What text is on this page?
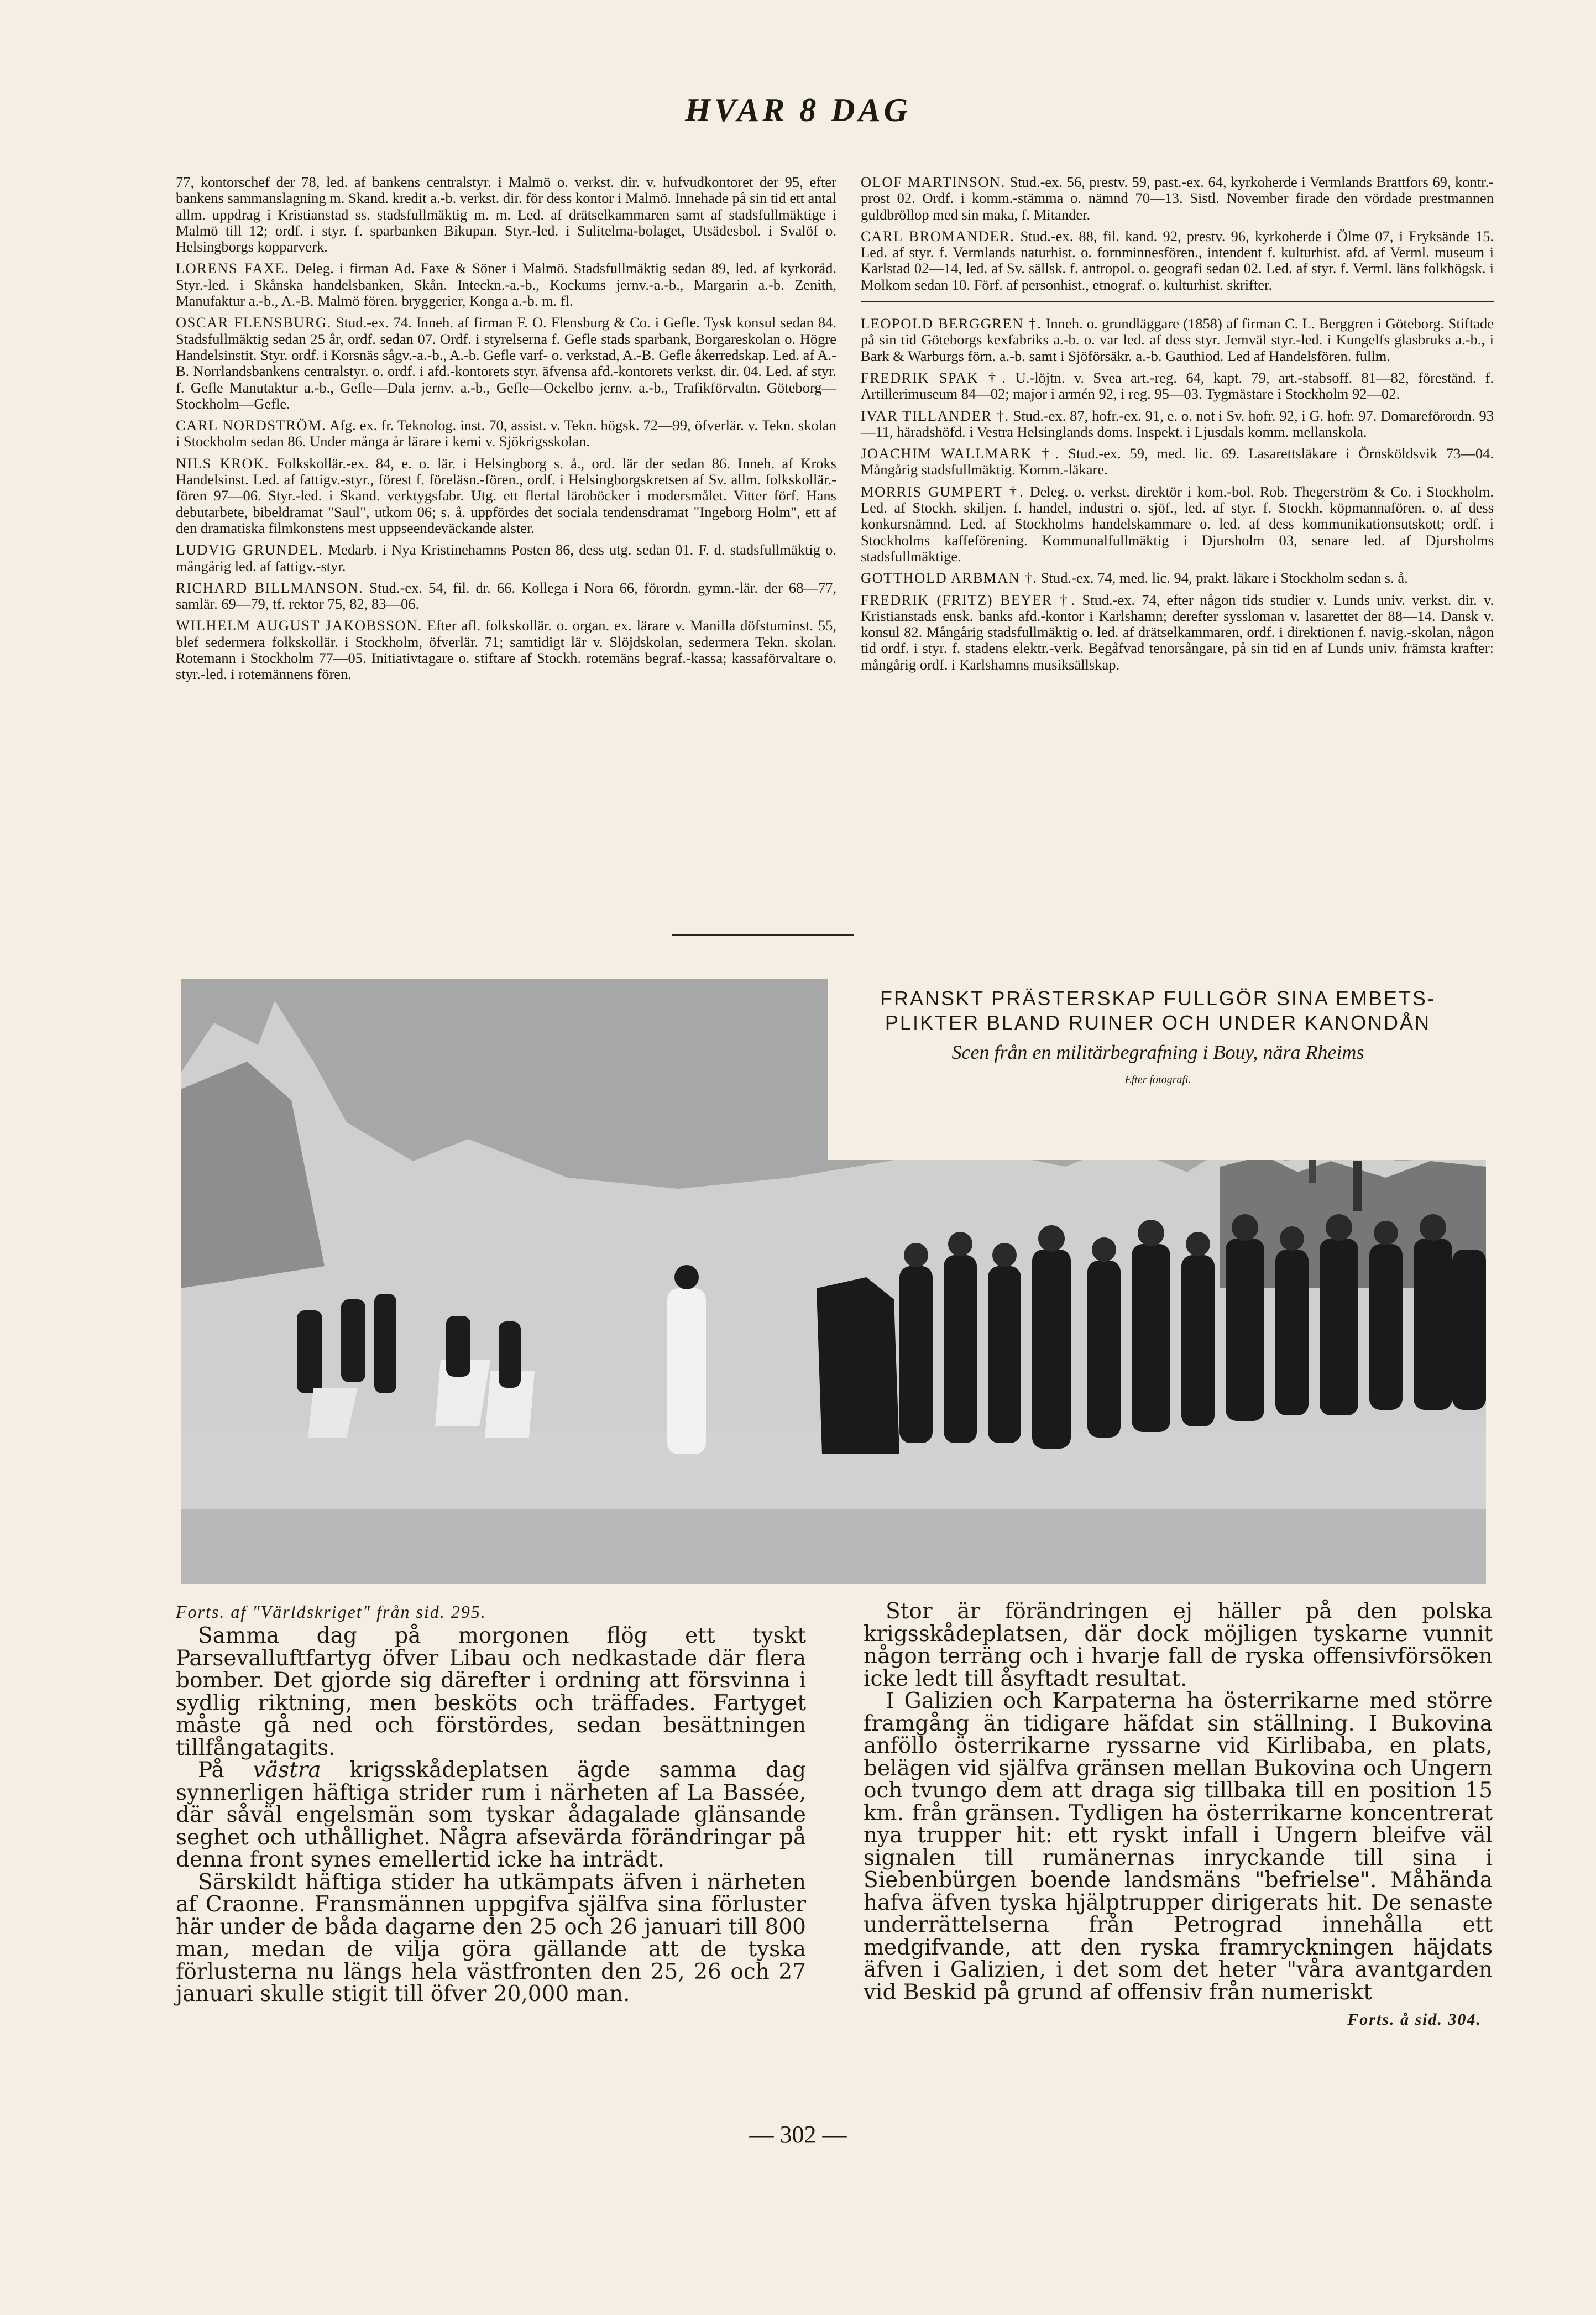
HVAR 8 DAG

77, kontorschef der 78, led. af bankens centralstyr. i Malmö o. verkst. dir. v. hufvudkontoret der 95, efter bankens sammanslagning m. Skand. kredit a.-b. verkst. dir. för dess kontor i Malmö. Innehade på sin tid ett antal allm. uppdrag i Kristianstad ss. stadsfullmäktig m. m. Led. af drätselkammaren samt af stadsfullmäktige i Malmö till 12; ordf. i styr. f. sparbanken Bikupan. Styr.-led. i Sulitelma-bolaget, Utsädesbol. i Svalöf o. Helsingborgs kopparverk.

LORENS FAXE. Deleg. i firman Ad. Faxe & Söner i Malmö. Stadsfullmäktig sedan 89, led. af kyrkoråd. Styr.-led. i Skånska handelsbanken, Skån. Inteckn.-a.-b., Kockums jernv.-a.-b., Margarin a.-b. Zenith, Manufaktur a.-b., A.-B. Malmö fören. bryggerier, Konga a.-b. m. fl.

OSCAR FLENSBURG. Stud.-ex. 74. Inneh. af firman F. O. Flensburg & Co. i Gefle. Tysk konsul sedan 84. Stadsfullmäktig sedan 25 år, ordf. sedan 07. Ordf. i styrelserna f. Gefle stads sparbank, Borgareskolan o. Högre Handelsinstit. Styr. ordf. i Korsnäs sågv.-a.-b., A.-b. Gefle varf- o. verkstad, A.-B. Gefle åkerredskap. Led. af A.-B. Norrlandsbankens centralstyr. o. ordf. i afd.-kontorets styr. äfvensa afd.-kontorets verkst. dir. 04. Led. af styr. f. Gefle Manutaktur a.-b., Gefle—Dala jernv. a.-b., Gefle—Ockelbo jernv. a.-b., Trafikförvaltn. Göteborg—Stockholm—Gefle.

CARL NORDSTRÖM. Afg. ex. fr. Teknolog. inst. 70, assist. v. Tekn. högsk. 72—99, öfverlär. v. Tekn. skolan i Stockholm sedan 86. Under många år lärare i kemi v. Sjökrigsskolan.

NILS KROK. Folkskollär.-ex. 84, e. o. lär. i Helsingborg s. å., ord. lär der sedan 86. Inneh. af Kroks Handelsinst. Led. af fattigv.-styr., förest f. föreläsn.-fören., ordf. i Helsingborgskretsen af Sv. allm. folkskollär.-fören 97—06. Styr.-led. i Skand. verktygsfabr. Utg. ett flertal läroböcker i modersmålet. Vitter förf. Hans debutarbete, bibeldramat "Saul", utkom 06; s. å. uppfördes det sociala tendensdramat "Ingeborg Holm", ett af den dramatiska filmkonstens mest uppseendeväckande alster.

LUDVIG GRUNDEL. Medarb. i Nya Kristinehamns Posten 86, dess utg. sedan 01. F. d. stadsfullmäktig o. mångårig led. af fattigv.-styr.

RICHARD BILLMANSON. Stud.-ex. 54, fil. dr. 66. Kollega i Nora 66, förordn. gymn.-lär. der 68—77, samlär. 69—79, tf. rektor 75, 82, 83—06.

WILHELM AUGUST JAKOBSSON. Efter afl. folkskollär. o. organ. ex. lärare v. Manilla döfstuminst. 55, blef sedermera folkskollär. i Stockholm, öfverlär. 71; samtidigt lär v. Slöjdskolan, sedermera Tekn. skolan. Rotemann i Stockholm 77—05. Initiativtagare o. stiftare af Stockh. rotemäns begraf.-kassa; kassaförvaltare o. styr.-led. i rotemännens fören.

OLOF MARTINSON. Stud.-ex. 56, prestv. 59, past.-ex. 64, kyrkoherde i Vermlands Brattfors 69, kontr.-prost 02. Ordf. i komm.-stämma o. nämnd 70—13. Sistl. November firade den vördade prestmannen guldbröllop med sin maka, f. Mitander.

CARL BROMANDER. Stud.-ex. 88, fil. kand. 92, prestv. 96, kyrkoherde i Ölme 07, i Fryksände 15. Led. af styr. f. Vermlands naturhist. o. fornminnesfören., intendent f. kulturhist. afd. af Verml. museum i Karlstad 02—14, led. af Sv. sällsk. f. antropol. o. geografi sedan 02. Led. af styr. f. Verml. läns folkhögsk. i Molkom sedan 10. Förf. af personhist., etnograf. o. kulturhist. skrifter.

LEOPOLD BERGGREN †. Inneh. o. grundläggare (1858) af firman C. L. Berggren i Göteborg. Stiftade på sin tid Göteborgs kexfabriks a.-b. o. var led. af dess styr. Jemväl styr.-led. i Kungelfs glasbruks a.-b., i Bark & Warburgs förn. a.-b. samt i Sjöförsäkr. a.-b. Gauthiod. Led af Handelsfören. fullm.

FREDRIK SPAK †. U.-löjtn. v. Svea art.-reg. 64, kapt. 79, art.-stabsoff. 81—82, föreständ. f. Artillerimuseum 84—02; major i armén 92, i reg. 95—03. Tygmästare i Stockholm 92—02.

IVAR TILLANDER †. Stud.-ex. 87, hofr.-ex. 91, e. o. not i Sv. hofr. 92, i G. hofr. 97. Domareförordn. 93—11, häradshöfd. i Vestra Helsinglands doms. Inspekt. i Ljusdals komm. mellanskola.

JOACHIM WALLMARK †. Stud.-ex. 59, med. lic. 69. Lasarettsläkare i Örnsköldsvik 73—04. Mångårig stadsfullmäktig. Komm.-läkare.

MORRIS GUMPERT †. Deleg. o. verkst. direktör i kom.-bol. Rob. Thegerström & Co. i Stockholm. Led. af Stockh. skiljen. f. handel, industri o. sjöf., led. af styr. f. Stockh. köpmannafören. o. af dess konkursnämnd. Led. af Stockholms handelskammare o. led. af dess kommunikationsutskott; ordf. i Stockholms kaffeförening. Kommunalfullmäktig i Djursholm 03, senare led. af Djursholms stadsfullmäktige.

GOTTHOLD ARBMAN †. Stud.-ex. 74, med. lic. 94, prakt. läkare i Stockholm sedan s. å.

FREDRIK (FRITZ) BEYER †. Stud.-ex. 74, efter någon tids studier v. Lunds univ. verkst. dir. v. Kristianstads ensk. banks afd.-kontor i Karlshamn; derefter syssloman v. lasarettet der 88—14. Dansk v. konsul 82. Mångårig stadsfullmäktig o. led. af drätselkammaren, ordf. i direktionen f. navig.-skolan, någon tid ordf. i styr. f. stadens elektr.-verk. Begåfvad tenorsångare, på sin tid en af Lunds univ. främsta krafter: mångårig ordf. i Karlshamns musiksällskap.

FRANSKT PRÄSTERSKAP FULLGÖR SINA EMBETS-

PLIKTER BLAND RUINER OCH UNDER KANONDÅN

Scen från en militärbegrafning i Bouy, nära Rheims

Efter fotografi.

Forts. af "Världskriget" från sid. 295.

Samma dag på morgonen flög ett tyskt Parsevalluftfartyg öfver Libau och nedkastade där flera bomber. Det gjorde sig därefter i ordning att försvinna i sydlig riktning, men besköts och träffades. Fartyget måste gå ned och förstördes, sedan besättningen tillfångatagits.

På västra krigsskådeplatsen ägde samma dag synnerligen häftiga strider rum i närheten af La Bassée, där såväl engelsmän som tyskar ådagalade glänsande seghet och uthållighet. Några afsevärda förändringar på denna front synes emellertid icke ha inträdt.

Särskildt häftiga stider ha utkämpats äfven i närheten af Craonne. Fransmännen uppgifva själfva sina förluster här under de båda dagarne den 25 och 26 januari till 800 man, medan de vilja göra gällande att de tyska förlusterna nu längs hela västfronten den 25, 26 och 27 januari skulle stigit till öfver 20,000 man.

Stor är förändringen ej häller på den polska krigsskådeplatsen, där dock möjligen tyskarne vunnit någon terräng och i hvarje fall de ryska offensivförsöken icke ledt till åsyftadt resultat.

I Galizien och Karpaterna ha österrikarne med större framgång än tidigare häfdat sin ställning. I Bukovina anföllo österrikarne ryssarne vid Kirlibaba, en plats, belägen vid själfva gränsen mellan Bukovina och Ungern och tvungo dem att draga sig tillbaka till en position 15 km. från gränsen. Tydligen ha österrikarne koncentrerat nya trupper hit: ett ryskt infall i Ungern bleifve väl signalen till rumänernas inryckande till sina i Siebenbürgen boende landsmäns "befrielse". Måhända hafva äfven tyska hjälptrupper dirigerats hit. De senaste underrättelserna från Petrograd innehålla ett medgifvande, att den ryska framryckningen häjdats äfven i Galizien, i det som det heter "våra avantgarden vid Beskid på grund af offensiv från numeriskt

Forts. å sid. 304.

— 302 —
